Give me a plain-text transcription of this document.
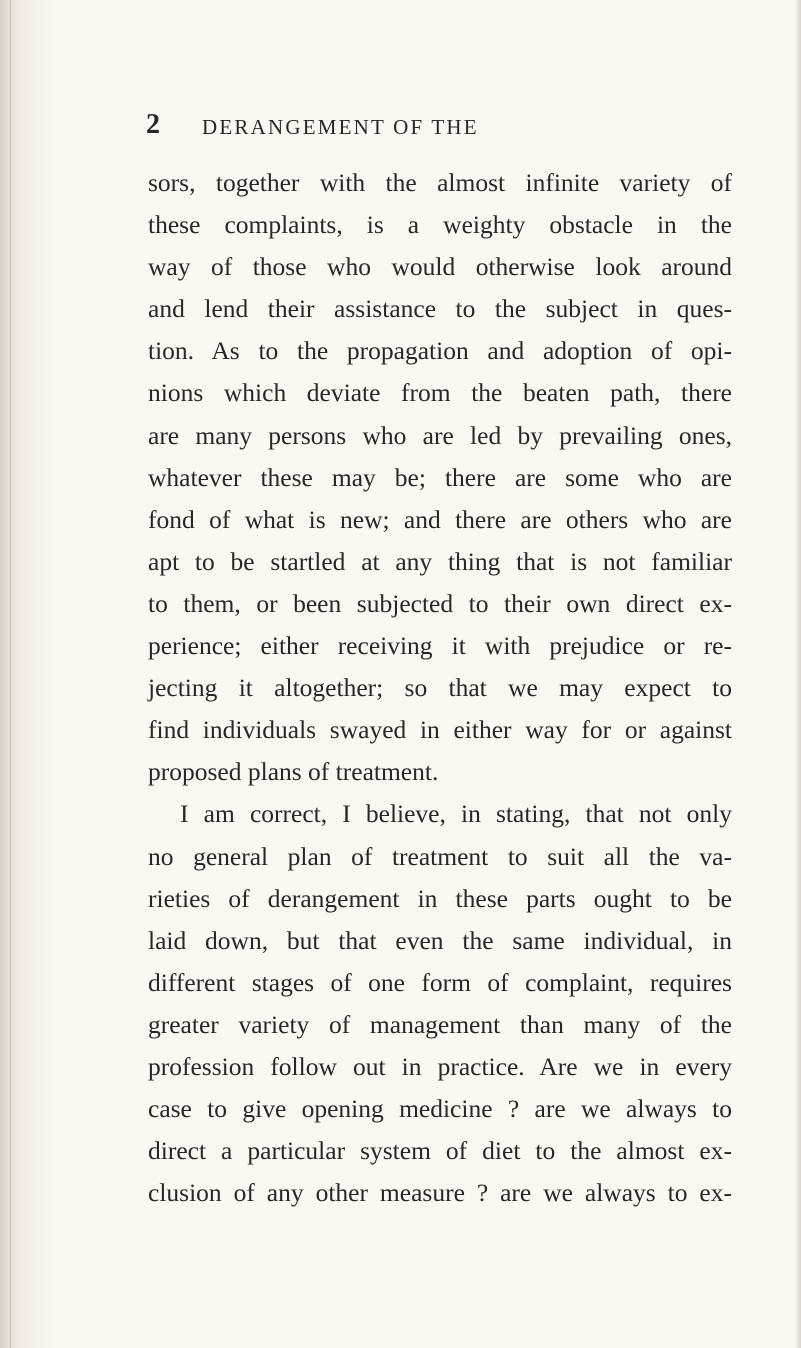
2 DERANGEMENT OF THE
sors, together with the almost infinite variety of
these complaints, is a weighty obstacle in the
way of those who would otherwise look around
and lend their assistance to the subject in ques-
tion. As to the propagation and adoption of opi-
nions which deviate from the beaten path, there
are many persons who are led by prevailing ones,
whatever these may be; there are some who are
fond of what is new; and there are others who are
apt to be startled at any thing that is not familiar
to them, or been subjected to their own direct ex-
perience; either receiving it with prejudice or re-
jecting it altogether; so that we may expect to
find individuals swayed in either way for or against
proposed plans of treatment.
I am correct, I believe, in stating, that not only
no general plan of treatment to suit all the va-
rieties of derangement in these parts ought to be
laid down, but that even the same individual, in
different stages of one form of complaint, requires
greater variety of management than many of the
profession follow out in practice. Are we in every
case to give opening medicine ? are we always to
direct a particular system of diet to the almost ex-
clusion of any other measure ? are we always to ex-
